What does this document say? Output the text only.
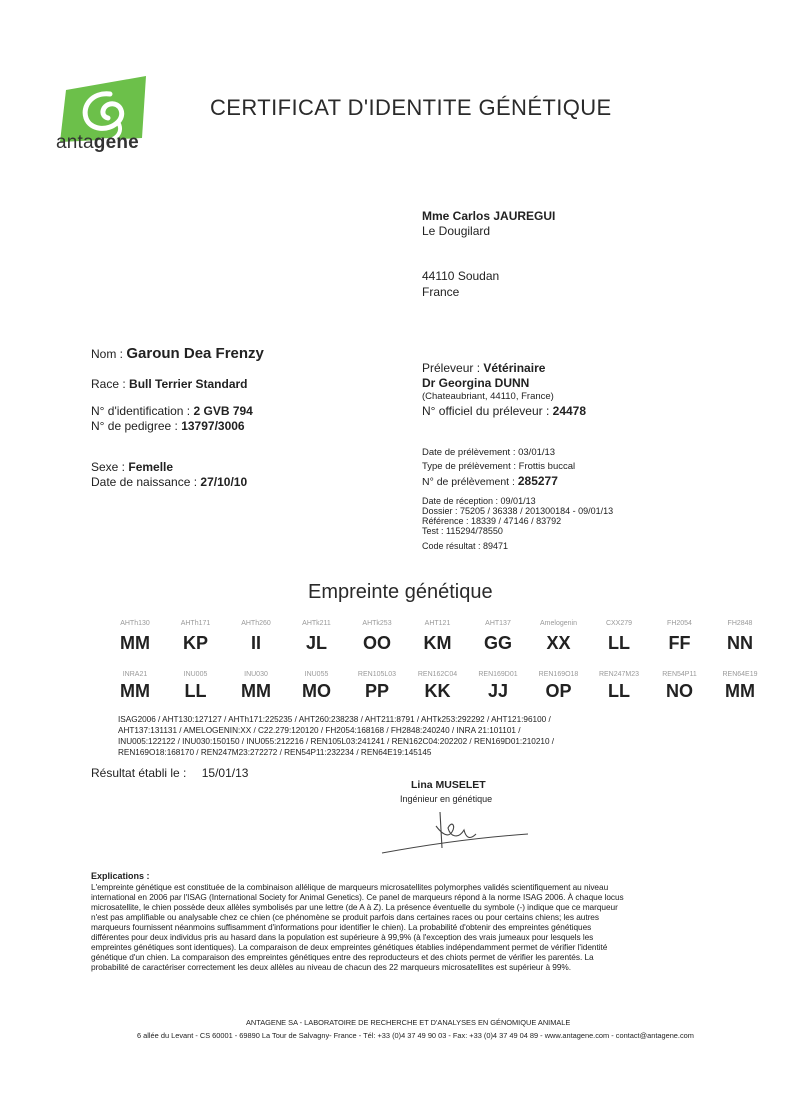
antagene
CERTIFICAT D'IDENTITE GÉNÉTIQUE
Mme Carlos JAUREGUI
Le Dougilard
44110 Soudan
France
Nom : Garoun Dea Frenzy
Race : Bull Terrier Standard
N° d'identification : 2 GVB 794
N° de pedigree : 13797/3006
Sexe : Femelle
Date de naissance : 27/10/10
Préleveur : Vétérinaire
Dr Georgina DUNN
(Chateaubriant, 44110, France)
N° officiel du préleveur : 24478
Date de prélèvement : 03/01/13
Type de prélèvement : Frottis buccal
N° de prélèvement : 285277
Date de réception : 09/01/13
Dossier : 75205 / 36338 / 201300184 - 09/01/13
Référence : 18339 / 47146 / 83792
Test : 115294/78550
Code résultat : 89471
Empreinte génétique
AHTh130
MM
AHTh171
KP
AHTh260
II
AHTk211
JL
AHTk253
OO
AHT121
KM
AHT137
GG
Amelogenin
XX
CXX279
LL
FH2054
FF
FH2848
NN
INRA21
MM
INU005
LL
INU030
MM
INU055
MO
REN105L03
PP
REN162C04
KK
REN169D01
JJ
REN169O18
OP
REN247M23
LL
REN54P11
NO
REN64E19
MM
ISAG2006 / AHT130:127127 / AHTh171:225235 / AHT260:238238 / AHT211:8791 / AHTk253:292292 / AHT121:96100 /
AHT137:131131 / AMELOGENIN:XX / C22.279:120120 / FH2054:168168 / FH2848:240240 / INRA 21:101101 /
INU005:122122 / INU030:150150 / INU055:212216 / REN105L03:241241 / REN162C04:202202 / REN169D01:210210 /
REN169O18:168170 / REN247M23:272272 / REN54P11:232234 / REN64E19:145145
Résultat établi le : 15/01/13
Lina MUSELET
Ingénieur en génétique
Explications :
L'empreinte génétique est constituée de la combinaison allélique de marqueurs microsatellites polymorphes validés scientifiquement au niveau
international en 2006 par l'ISAG (International Society for Animal Genetics). Ce panel de marqueurs répond à la norme ISAG 2006. À chaque locus
microsatellite, le chien possède deux allèles symbolisés par une lettre (de A à Z). La présence éventuelle du symbole (-) indique que ce marqueur
n'est pas amplifiable ou analysable chez ce chien (ce phénomène se produit parfois dans certaines races ou pour certains chiens; les autres
marqueurs fournissent néanmoins suffisamment d'informations pour identifier le chien). La probabilité d'obtenir des empreintes génétiques
différentes pour deux individus pris au hasard dans la population est supérieure à 99,9% (à l'exception des vrais jumeaux pour lesquels les
empreintes génétiques sont identiques). La comparaison de deux empreintes génétiques établies indépendamment permet de vérifier l'identité
génétique d'un chien. La comparaison des empreintes génétiques entre des reproducteurs et des chiots permet de vérifier les parentés. La
probabilité de caractériser correctement les deux allèles au niveau de chacun des 22 marqueurs microsatellites est supérieur à 99%.
ANTAGENE SA - LABORATOIRE DE RECHERCHE ET D'ANALYSES EN GÉNOMIQUE ANIMALE
6 allée du Levant - CS 60001 - 69890 La Tour de Salvagny- France - Tél: +33 (0)4 37 49 90 03 - Fax: +33 (0)4 37 49 04 89 - www.antagene.com - contact@antagene.com
